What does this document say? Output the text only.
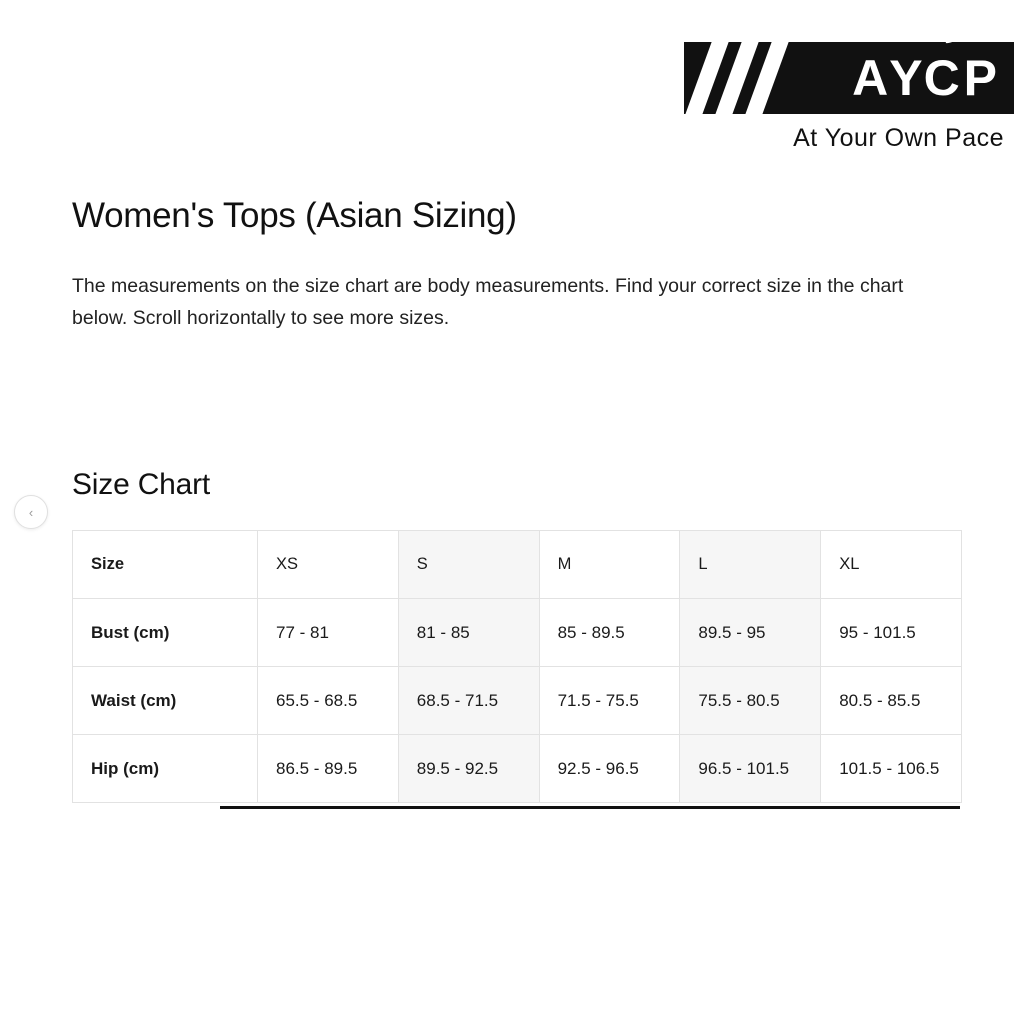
A Y C P
At Your Own Pace
Women's Tops (Asian Sizing)

The measurements on the size chart are body measurements. Find your correct size in the chart below. Scroll horizontally to see more sizes.

Size Chart
Size	XS	S	M	L	XL
Bust (cm)	77 - 81	81 - 85	85 - 89.5	89.5 - 95	95 - 101.5
Waist (cm)	65.5 - 68.5	68.5 - 71.5	71.5 - 75.5	75.5 - 80.5	80.5 - 85.5
Hip (cm)	86.5 - 89.5	89.5 - 92.5	92.5 - 96.5	96.5 - 101.5	101.5 - 106.5
‹
